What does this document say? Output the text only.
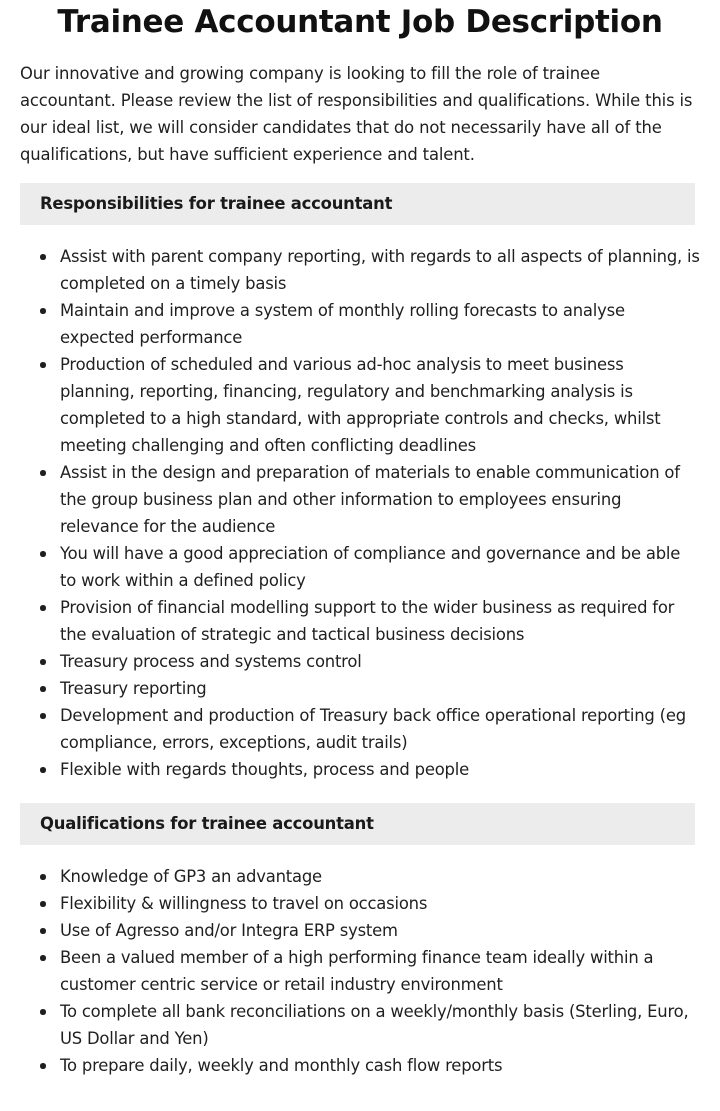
Trainee Accountant Job Description

Our innovative and growing company is looking to fill the role of trainee accountant. Please review the list of responsibilities and qualifications. While this is our ideal list, we will consider candidates that do not necessarily have all of the qualifications, but have sufficient experience and talent.

Responsibilities for trainee accountant
Assist with parent company reporting, with regards to all aspects of planning, is completed on a timely basis
Maintain and improve a system of monthly rolling forecasts to analyse expected performance
Production of scheduled and various ad-hoc analysis to meet business planning, reporting, financing, regulatory and benchmarking analysis is completed to a high standard, with appropriate controls and checks, whilst meeting challenging and often conflicting deadlines
Assist in the design and preparation of materials to enable communication of the group business plan and other information to employees ensuring relevance for the audience
You will have a good appreciation of compliance and governance and be able to work within a defined policy
Provision of financial modelling support to the wider business as required for the evaluation of strategic and tactical business decisions
Treasury process and systems control
Treasury reporting
Development and production of Treasury back office operational reporting (eg compliance, errors, exceptions, audit trails)
Flexible with regards thoughts, process and people
Qualifications for trainee accountant
Knowledge of GP3 an advantage
Flexibility & willingness to travel on occasions
Use of Agresso and/or Integra ERP system
Been a valued member of a high performing finance team ideally within a customer centric service or retail industry environment
To complete all bank reconciliations on a weekly/monthly basis (Sterling, Euro, US Dollar and Yen)
To prepare daily, weekly and monthly cash flow reports
